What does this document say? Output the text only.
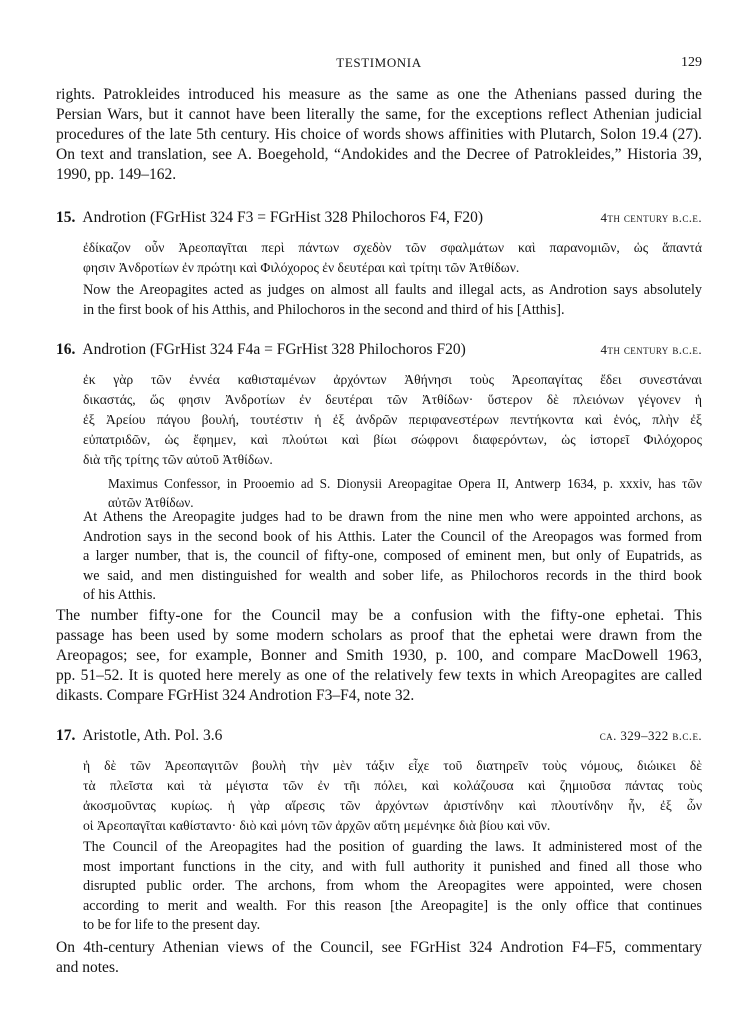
TESTIMONIA	129
rights. Patrokleides introduced his measure as the same as one the Athenians passed during the
Persian Wars, but it cannot have been literally the same, for the exceptions reflect Athenian judicial
procedures of the late 5th century. His choice of words shows affinities with Plutarch, Solon 19.4 (27).
On text and translation, see A. Boegehold, “Andokides and the Decree of Patrokleides,” Historia 39,
1990, pp. 149–162.
15. Androtion (FGrHist 324 F3 = FGrHist 328 Philochoros F4, F20)	4th century b.c.e.
ἐδίκαζον οὖν Ἀρεοπαγῖται περὶ πάντων σχεδὸν τῶν σφαλμάτων καὶ παρανομιῶν, ὡς ἅπαντά
φησιν Ἀνδροτίων ἐν πρώτηι καὶ Φιλόχορος ἐν δευτέραι καὶ τρίτηι τῶν Ἀτθίδων.
Now the Areopagites acted as judges on almost all faults and illegal acts, as Androtion says absolutely
in the first book of his Atthis, and Philochoros in the second and third of his [Atthis].
16. Androtion (FGrHist 324 F4a = FGrHist 328 Philochoros F20)	4th century b.c.e.
ἐκ γὰρ τῶν ἐννέα καθισταμένων ἀρχόντων Ἀθήνησι τοὺς Ἀρεοπαγίτας ἔδει συνεστάναι
δικαστάς, ὥς φησιν Ἀνδροτίων ἐν δευτέραι τῶν Ἀτθίδων· ὕστερον δὲ πλειόνων γέγονεν ἡ
ἐξ Ἀρείου πάγου βουλή, τουτέστιν ἡ ἐξ ἀνδρῶν περιφανεστέρων πεντήκοντα καὶ ἑνός, πλὴν ἐξ
εὐπατριδῶν, ὡς ἔφημεν, καὶ πλούτωι καὶ βίωι σώφρονι διαφερόντων, ὡς ἱστορεῖ Φιλόχορος
διὰ τῆς τρίτης τῶν αὐτοῦ Ἀτθίδων.
Maximus Confessor, in Prooemio ad S. Dionysii Areopagitae Opera II, Antwerp 1634, p. xxxiv, has τῶν
αὐτῶν Ἀτθίδων.
At Athens the Areopagite judges had to be drawn from the nine men who were appointed archons, as
Androtion says in the second book of his Atthis. Later the Council of the Areopagos was formed from
a larger number, that is, the council of fifty-one, composed of eminent men, but only of Eupatrids, as
we said, and men distinguished for wealth and sober life, as Philochoros records in the third book
of his Atthis.
The number fifty-one for the Council may be a confusion with the fifty-one ephetai. This
passage has been used by some modern scholars as proof that the ephetai were drawn from the
Areopagos; see, for example, Bonner and Smith 1930, p. 100, and compare MacDowell 1963,
pp. 51–52. It is quoted here merely as one of the relatively few texts in which Areopagites are called
dikasts. Compare FGrHist 324 Androtion F3–F4, note 32.
17. Aristotle, Ath. Pol. 3.6	ca. 329–322 b.c.e.
ἡ δὲ τῶν Ἀρεοπαγιτῶν βουλὴ τὴν μὲν τάξιν εἶχε τοῦ διατηρεῖν τοὺς νόμους, διώικει δὲ
τὰ πλεῖστα καὶ τὰ μέγιστα τῶν ἐν τῆι πόλει, καὶ κολάζουσα καὶ ζημιοῦσα πάντας τοὺς
ἀκοσμοῦντας κυρίως. ἡ γὰρ αἵρεσις τῶν ἀρχόντων ἀριστίνδην καὶ πλουτίνδην ἦν, ἐξ ὧν
οἱ Ἀρεοπαγῖται καθίσταντο· διὸ καὶ μόνη τῶν ἀρχῶν αὕτη μεμένηκε διὰ βίου καὶ νῦν.
The Council of the Areopagites had the position of guarding the laws. It administered most of the
most important functions in the city, and with full authority it punished and fined all those who
disrupted public order. The archons, from whom the Areopagites were appointed, were chosen
according to merit and wealth. For this reason [the Areopagite] is the only office that continues
to be for life to the present day.
On 4th-century Athenian views of the Council, see FGrHist 324 Androtion F4–F5, commentary
and notes.
